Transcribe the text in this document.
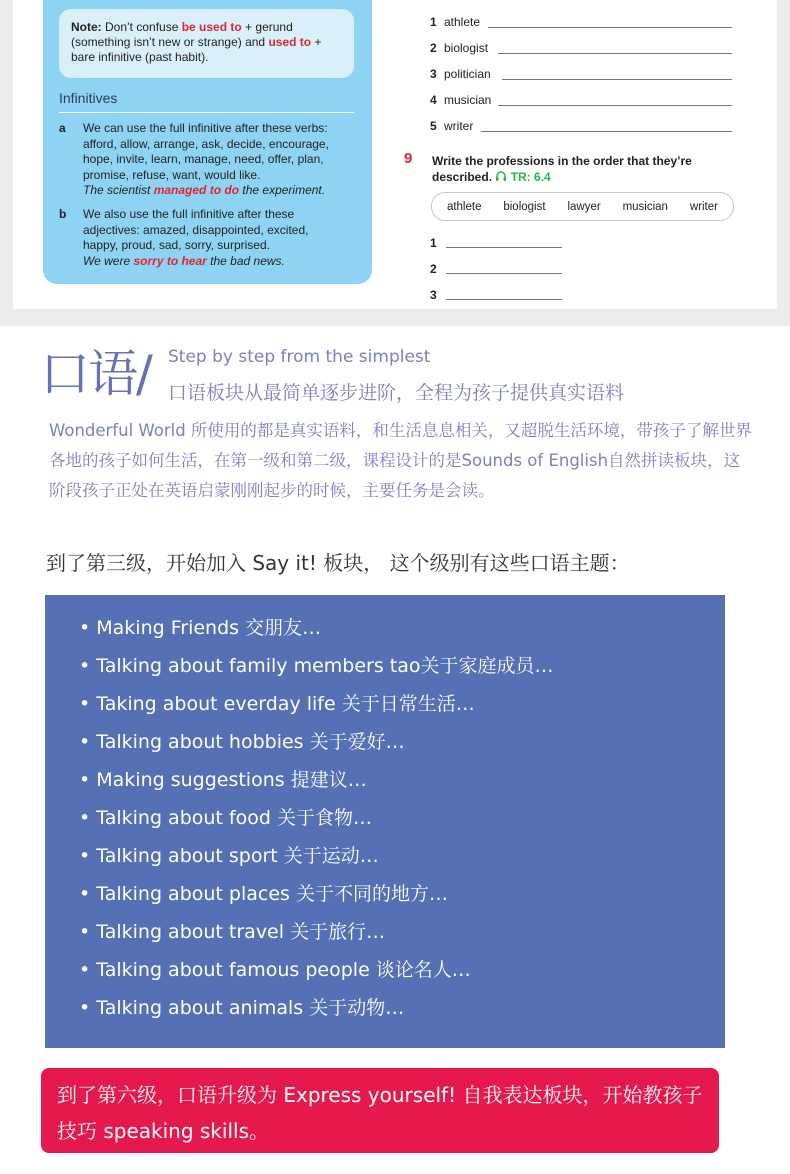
Note: Don’t confuse be used to + gerund (something isn’t new or strange) and used to + bare infinitive (past habit).
Infinitives
a We can use the full infinitive after these verbs: afford, allow, arrange, ask, decide, encourage, hope, invite, learn, manage, need, offer, plan, promise, refuse, want, would like.
The scientist managed to do the experiment.
b We also use the full infinitive after these adjectives: amazed, disappointed, excited, happy, proud, sad, sorry, surprised.
We were sorry to hear the bad news.
1 athlete
2 biologist
3 politician
4 musician
5 writer
9 Write the professions in the order that they’re described. TR: 6.4
athlete biologist lawyer musician writer
1
2
3
口语/ Step by step from the simplest
口语板块从最简单逐步进阶，全程为孩子提供真实语料
Wonderful World 所使用的都是真实语料，和生活息息相关，又超脱生活环境，带孩子了解世界各地的孩子如何生活，在第一级和第二级，课程设计的是Sounds of English自然拼读板块，这阶段孩子正处在英语启蒙刚刚起步的时候，主要任务是会读。
到了第三级，开始加入 Say it! 板块， 这个级别有这些口语主题：
• Making Friends 交朋友…
• Talking about family members tao关于家庭成员…
• Taking about everday life 关于日常生活…
• Talking about hobbies 关于爱好…
• Making suggestions 提建议…
• Talking about food 关于食物…
• Talking about sport 关于运动…
• Talking about places 关于不同的地方…
• Talking about travel 关于旅行…
• Talking about famous people 谈论名人…
• Talking about animals 关于动物…
到了第六级，口语升级为 Express yourself! 自我表达板块，开始教孩子技巧 speaking skills。
